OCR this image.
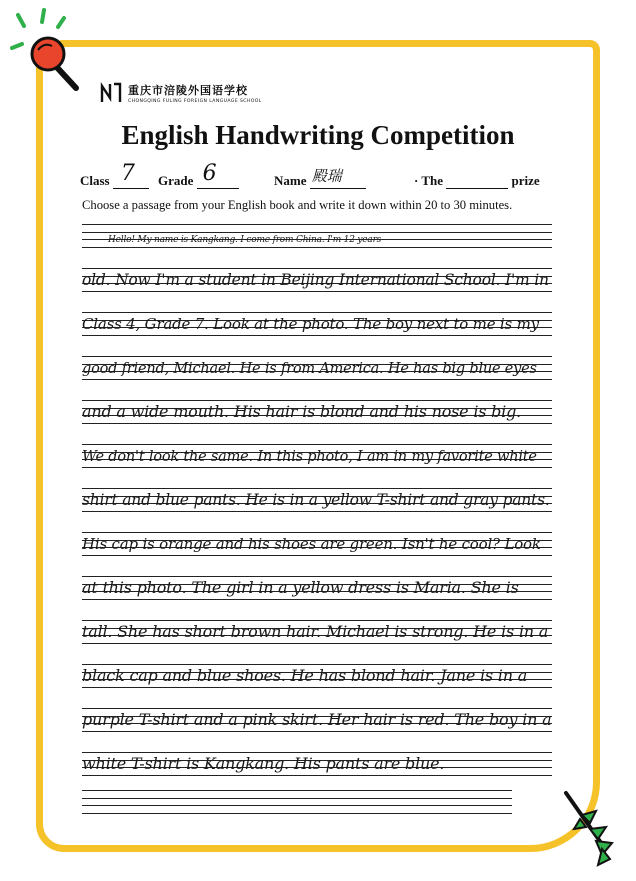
重庆市涪陵外国语学校
CHONGQING FULING FOREIGN LANGUAGE SCHOOL
English Handwriting Competition
Class 7 Grade 6	Name 殿瑞	· The	prize
Choose a passage from your English book and write it down within 20 to 30 minutes.
Hello! My name is Kangkang. I come from China. I'm 12 years
old. Now I'm a student in Beijing International School. I'm in
Class 4, Grade 7. Look at the photo. The boy next to me is my
good friend, Michael. He is from America. He has big blue eyes
and a wide mouth. His hair is blond and his nose is big.
We don't look the same. In this photo, I am in my favorite white
shirt and blue pants. He is in a yellow T-shirt and gray pants.
His cap is orange and his shoes are green. Isn't he cool? Look
at this photo. The girl in a yellow dress is Maria. She is
tall. She has short brown hair. Michael is strong. He is in a
black cap and blue shoes. He has blond hair. Jane is in a
purple T-shirt and a pink skirt. Her hair is red. The boy in a
white T-shirt is Kangkang. His pants are blue.
